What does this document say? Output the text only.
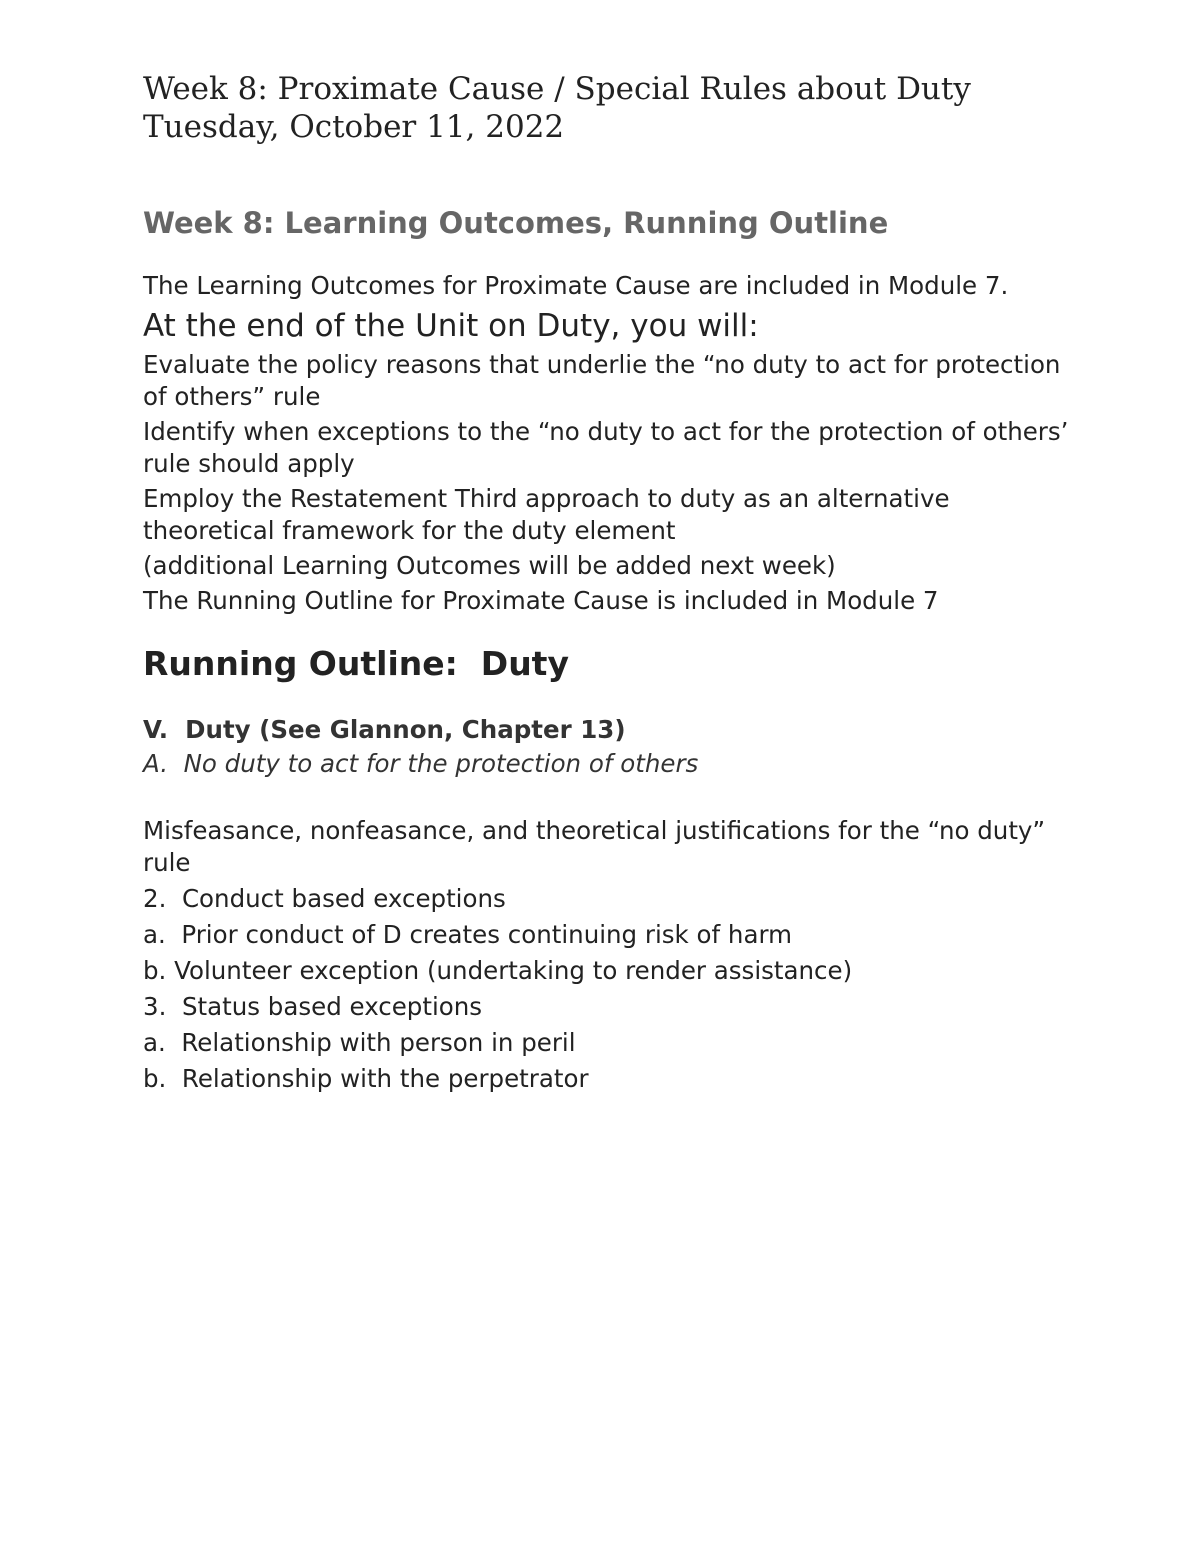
Week 8: Proximate Cause / Special Rules about Duty
Tuesday, October 11, 2022
Week 8: Learning Outcomes, Running Outline
The Learning Outcomes for Proximate Cause are included in Module 7.
At the end of the Unit on Duty, you will:
Evaluate the policy reasons that underlie the “no duty to act for protection of others” rule
Identify when exceptions to the “no duty to act for the protection of others’ rule should apply
Employ the Restatement Third approach to duty as an alternative theoretical framework for the duty element
(additional Learning Outcomes will be added next week)
The Running Outline for Proximate Cause is included in Module 7
Running Outline:  Duty
V.  Duty (See Glannon, Chapter 13)
A.  No duty to act for the protection of others
Misfeasance, nonfeasance, and theoretical justifications for the “no duty” rule
2.  Conduct based exceptions
a.  Prior conduct of D creates continuing risk of harm
b. Volunteer exception (undertaking to render assistance)
3.  Status based exceptions
a.  Relationship with person in peril
b.  Relationship with the perpetrator
